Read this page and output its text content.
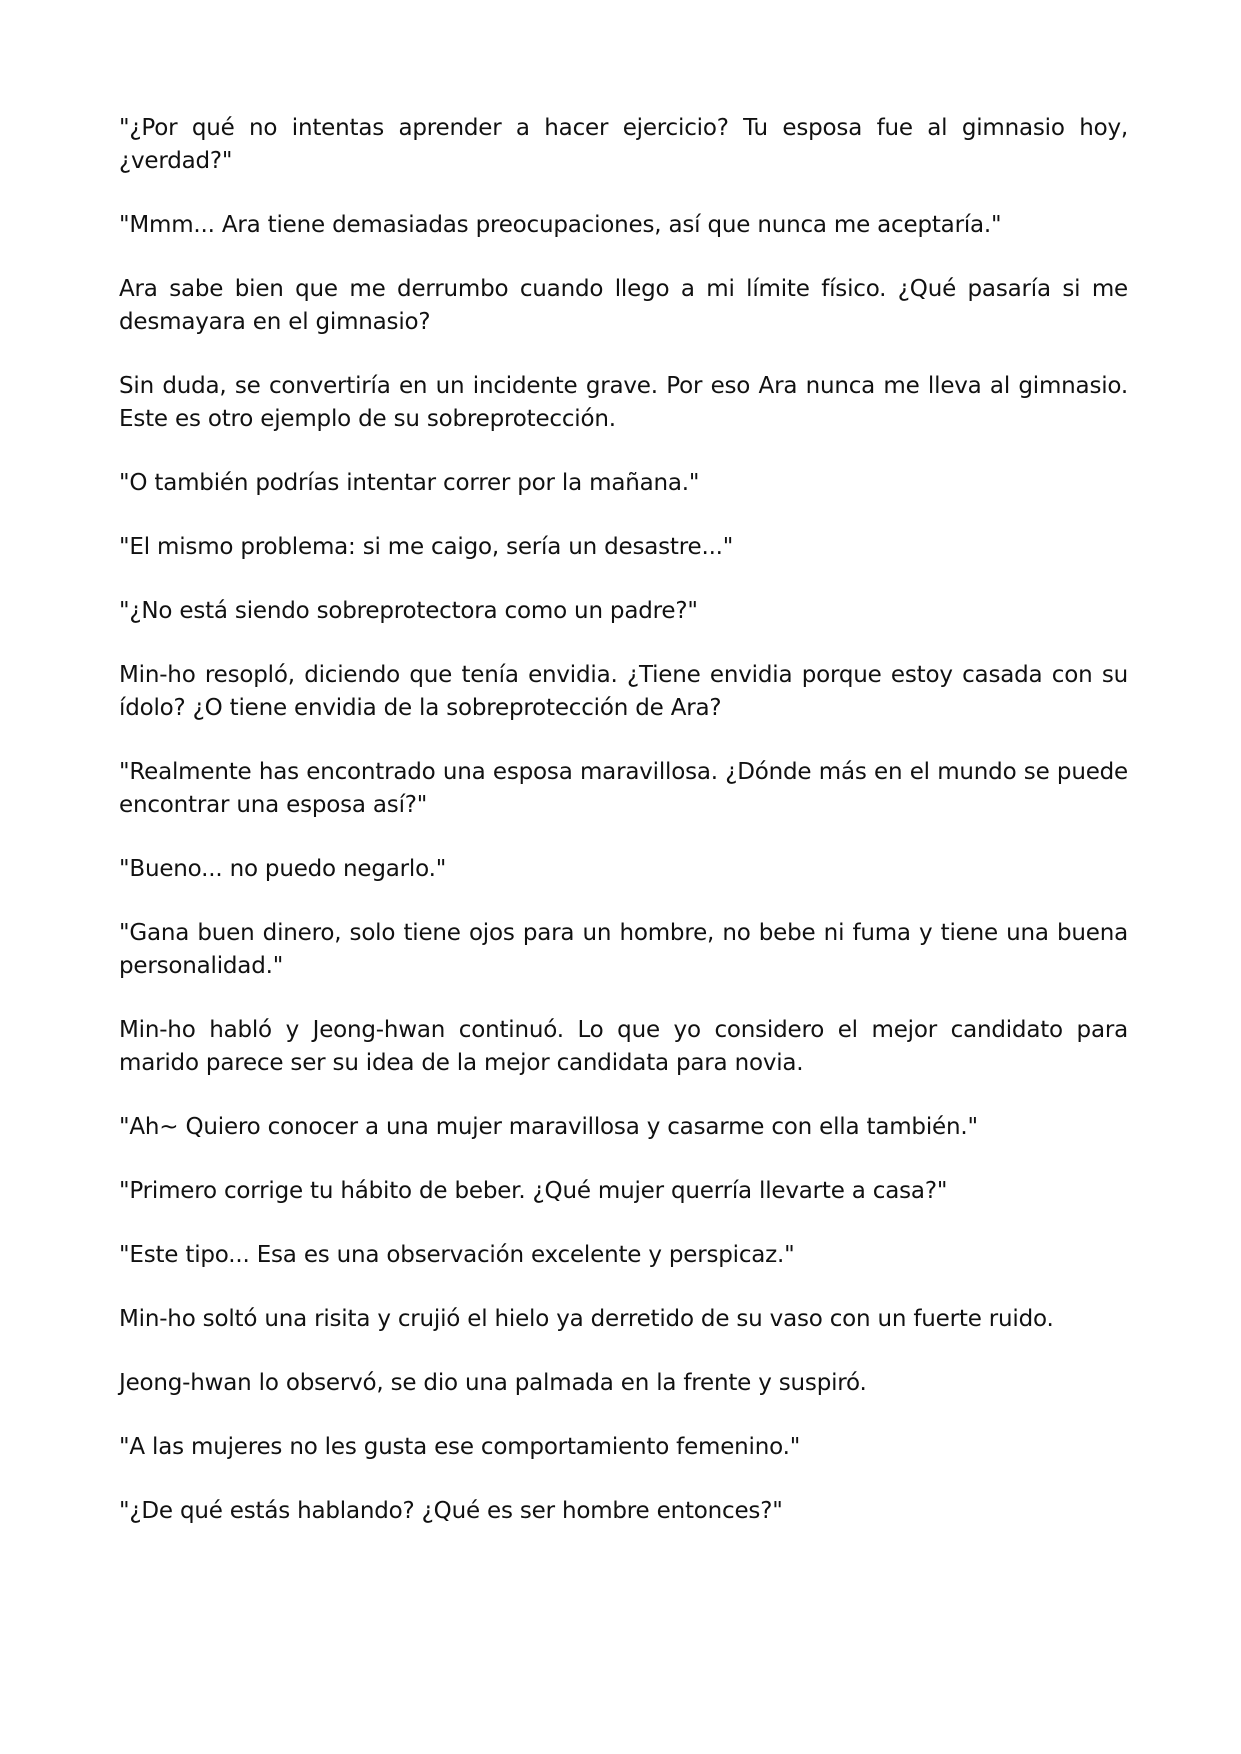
"¿Por qué no intentas aprender a hacer ejercicio? Tu esposa fue al gimnasio hoy, ¿verdad?"

"Mmm... Ara tiene demasiadas preocupaciones, así que nunca me aceptaría."

Ara sabe bien que me derrumbo cuando llego a mi límite físico. ¿Qué pasaría si me desmayara en el gimnasio?

Sin duda, se convertiría en un incidente grave. Por eso Ara nunca me lleva al gimnasio. Este es otro ejemplo de su sobreprotección.

"O también podrías intentar correr por la mañana."

"El mismo problema: si me caigo, sería un desastre..."

"¿No está siendo sobreprotectora como un padre?"

Min-ho resopló, diciendo que tenía envidia. ¿Tiene envidia porque estoy casada con su ídolo? ¿O tiene envidia de la sobreprotección de Ara?

"Realmente has encontrado una esposa maravillosa. ¿Dónde más en el mundo se puede encontrar una esposa así?"

"Bueno... no puedo negarlo."

"Gana buen dinero, solo tiene ojos para un hombre, no bebe ni fuma y tiene una buena personalidad."

Min-ho habló y Jeong-hwan continuó. Lo que yo considero el mejor candidato para marido parece ser su idea de la mejor candidata para novia.

"Ah~ Quiero conocer a una mujer maravillosa y casarme con ella también."

"Primero corrige tu hábito de beber. ¿Qué mujer querría llevarte a casa?"

"Este tipo... Esa es una observación excelente y perspicaz."

Min-ho soltó una risita y crujió el hielo ya derretido de su vaso con un fuerte ruido.

Jeong-hwan lo observó, se dio una palmada en la frente y suspiró.

"A las mujeres no les gusta ese comportamiento femenino."

"¿De qué estás hablando? ¿Qué es ser hombre entonces?"
